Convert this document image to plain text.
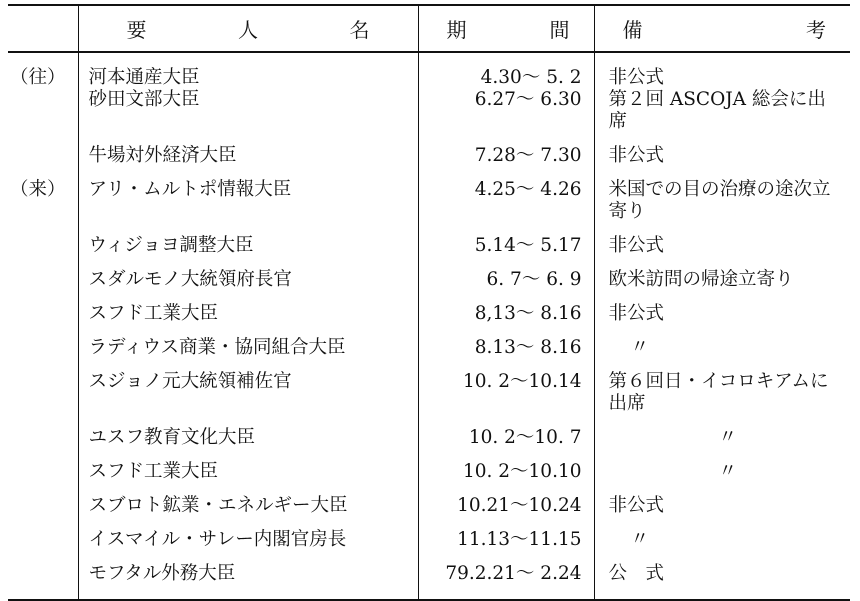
	要 人 名	期 間	備 考

（往）	河本通産大臣	4.30～ 5. 2	非公式
	砂田文部大臣	6.27～ 6.30	第２回 ASCOJA 総会に出席
	牛場対外経済大臣	7.28～ 7.30	非公式
（来）	アリ・ムルトポ情報大臣	4.25～ 4.26	米国での目の治療の途次立寄り
	ウィジョヨ調整大臣	5.14～ 5.17	非公式
	スダルモノ大統領府長官	6. 7～ 6. 9	欧米訪問の帰途立寄り
	スフド工業大臣	8,13～ 8.16	非公式
	ラディウス商業・協同組合大臣	8.13～ 8.16	〃
	スジョノ元大統領補佐官	10. 2～10.14	第６回日・イコロキアムに出席
	ユスフ教育文化大臣	10. 2～10. 7	〃
	スフド工業大臣	10. 2～10.10	〃
	スブロト鉱業・エネルギー大臣	10.21～10.24	非公式
	イスマイル・サレー内閣官房長	11.13～11.15	〃
	モフタル外務大臣	79.2.21～ 2.24	公　式
